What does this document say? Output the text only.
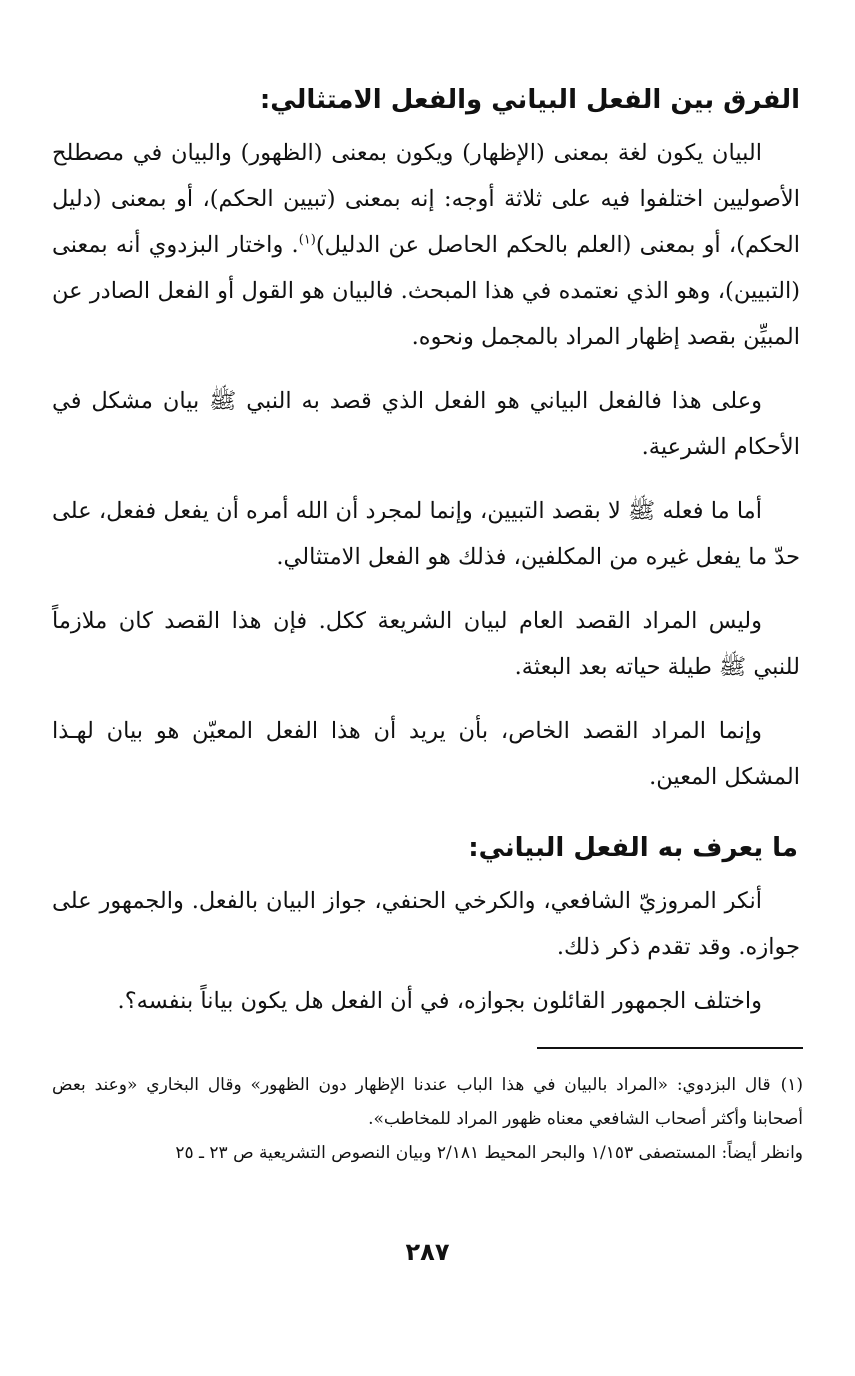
الفرق بين الفعل البياني والفعل الامتثالي:

البيان يكون لغة بمعنى (الإظهار) ويكون بمعنى (الظهور) والبيان في مصطلح الأصوليين اختلفوا فيه على ثلاثة أوجه: إنه بمعنى (تبيين الحكم)، أو بمعنى (دليل الحكم)، أو بمعنى (العلم بالحكم الحاصل عن الدليل)$^{(١)}$. واختار البزدوي أنه بمعنى (التبيين)، وهو الذي نعتمده في هذا المبحث. فالبيان هو القول أو الفعل الصادر عن المبيِّن بقصد إظهار المراد بالمجمل ونحوه.

وعلى هذا فالفعل البياني هو الفعل الذي قصد به النبي ﷺ بيان مشكل في الأحكام الشرعية.

أما ما فعله ﷺ لا بقصد التبيين، وإنما لمجرد أن الله أمره أن يفعل ففعل، على حدّ ما يفعل غيره من المكلفين، فذلك هو الفعل الامتثالي.

وليس المراد القصد العام لبيان الشريعة ككل. فإن هذا القصد كان ملازماً للنبي ﷺ طيلة حياته بعد البعثة.

وإنما المراد القصد الخاص، بأن يريد أن هذا الفعل المعيّن هو بيان لهـذا المشكل المعين.

ما يعرف به الفعل البياني:

أنكر المروزيّ الشافعي، والكرخي الحنفي، جواز البيان بالفعل. والجمهور على جوازه. وقد تقدم ذكر ذلك.

واختلف الجمهور القائلون بجوازه، في أن الفعل هل يكون بياناً بنفسه؟.

(١)قال البزدوي: «المراد بالبيان في هذا الباب عندنا الإظهار دون الظهور» وقال البخاري «وعند بعض أصحابنا وأكثر أصحاب الشافعي معناه ظهور المراد للمخاطب».

وانظر أيضاً: المستصفى ١/١٥٣ والبحر المحيط ٢/١٨١ وبيان النصوص التشريعية ص ٢٣ ـ ٢٥

٢٨٧
